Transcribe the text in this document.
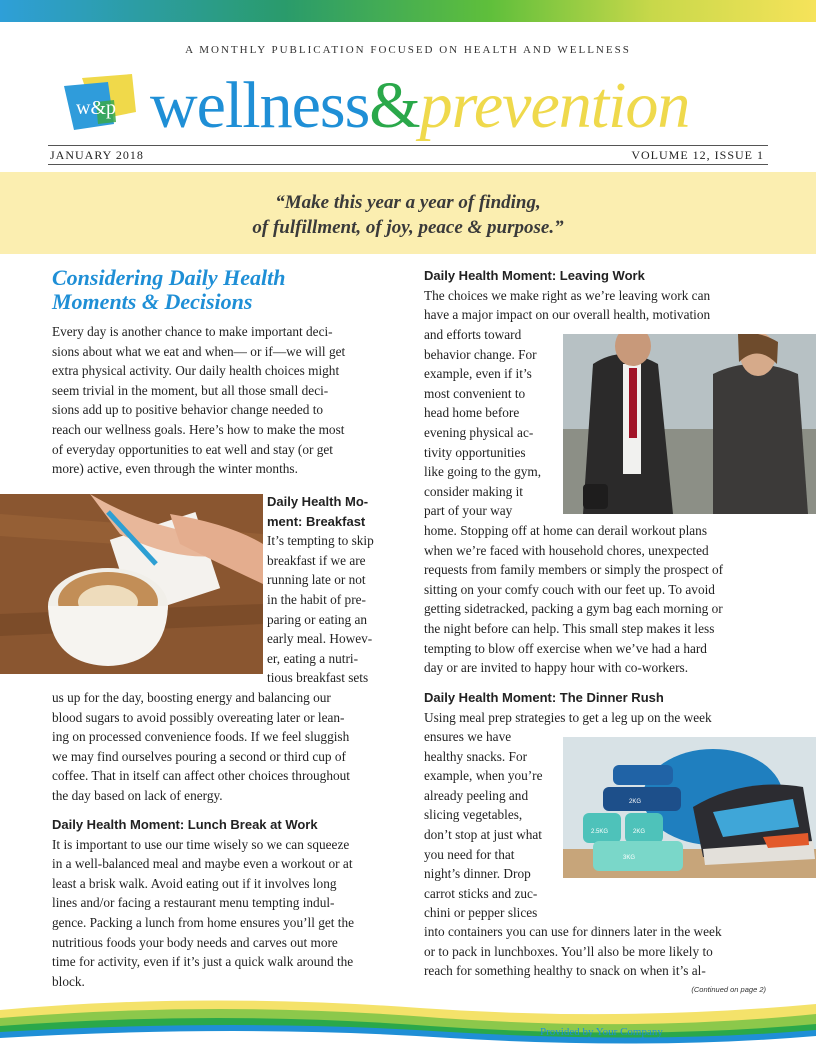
A MONTHLY PUBLICATION FOCUSED ON HEALTH AND WELLNESS
w&p wellness&prevention
JANUARY 2018	VOLUME 12, ISSUE 1
“Make this year a year of finding,
of fulfillment, of joy, peace & purpose.”
Considering Daily Health
Moments & Decisions
Every day is another chance to make important deci-
sions about what we eat and when— or if—we will get
extra physical activity. Our daily health choices might
seem trivial in the moment, but all those small deci-
sions add up to positive behavior change needed to
reach our wellness goals. Here’s how to make the most
of everyday opportunities to eat well and stay (or get
more) active, even through the winter months.
Daily Health Mo-
ment: Breakfast
It’s tempting to skip
breakfast if we are
running late or not
in the habit of pre-
paring or eating an
early meal. Howev-
er, eating a nutri-
tious breakfast sets
us up for the day, boosting energy and balancing our
blood sugars to avoid possibly overeating later or lean-
ing on processed convenience foods. If we feel sluggish
we may find ourselves pouring a second or third cup of
coffee. That in itself can affect other choices throughout
the day based on lack of energy.
Daily Health Moment: Lunch Break at Work
It is important to use our time wisely so we can squeeze
in a well-balanced meal and maybe even a workout or at
least a brisk walk. Avoid eating out if it involves long
lines and/or facing a restaurant menu tempting indul-
gence. Packing a lunch from home ensures you’ll get the
nutritious foods your body needs and carves out more
time for activity, even if it’s just a quick walk around the
block.
Daily Health Moment: Leaving Work
The choices we make right as we’re leaving work can
have a major impact on our overall health, motivation
and efforts toward
behavior change. For
example, even if it’s
most convenient to
head home before
evening physical ac-
tivity opportunities
like going to the gym,
consider making it
part of your way
home. Stopping off at home can derail workout plans
when we’re faced with household chores, unexpected
requests from family members or simply the prospect of
sitting on your comfy couch with our feet up. To avoid
getting sidetracked, packing a gym bag each morning or
the night before can help. This small step makes it less
tempting to blow off exercise when we’ve had a hard
day or are invited to happy hour with co-workers.
Daily Health Moment: The Dinner Rush
Using meal prep strategies to get a leg up on the week
ensures we have
healthy snacks. For
example, when you’re
already peeling and
slicing vegetables,
don’t stop at just what
you need for that
night’s dinner. Drop
carrot sticks and zuc-
chini or pepper slices
2.5KG	2KG
2KG
3KG
into containers you can use for dinners later in the week
or to pack in lunchboxes. You’ll also be more likely to
reach for something healthy to snack on when it’s al-
(Continued on page 2)
Provided by Your Company
